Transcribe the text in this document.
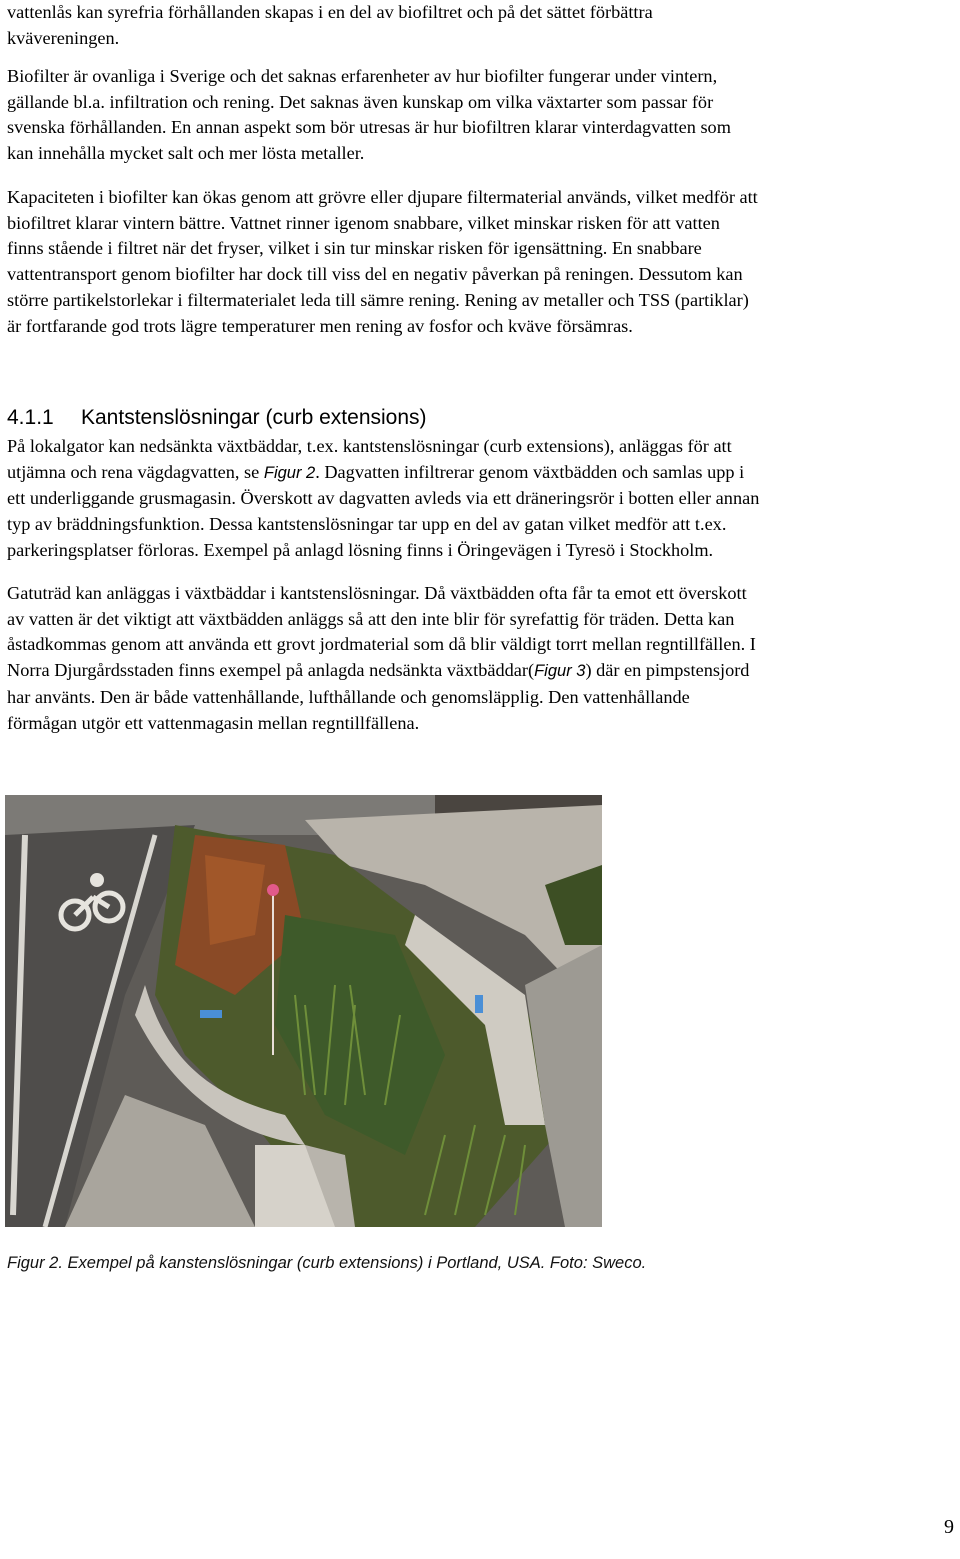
vattenlås kan syrefria förhållanden skapas i en del av biofiltret och på det sättet förbättra
kvävereningen.

Biofilter är ovanliga i Sverige och det saknas erfarenheter av hur biofilter fungerar under vintern,
gällande bl.a. infiltration och rening. Det saknas även kunskap om vilka växtarter som passar för
svenska förhållanden. En annan aspekt som bör utresas är hur biofiltren klarar vinterdagvatten som
kan innehålla mycket salt och mer lösta metaller.

Kapaciteten i biofilter kan ökas genom att grövre eller djupare filtermaterial används, vilket medför att
biofiltret klarar vintern bättre. Vattnet rinner igenom snabbare, vilket minskar risken för att vatten
finns stående i filtret när det fryser, vilket i sin tur minskar risken för igensättning. En snabbare
vattentransport genom biofilter har dock till viss del en negativ påverkan på reningen. Dessutom kan
större partikelstorlekar i filtermaterialet leda till sämre rening. Rening av metaller och TSS (partiklar)
är fortfarande god trots lägre temperaturer men rening av fosfor och kväve försämras.

4.1.1 Kantstenslösningar (curb extensions)

På lokalgator kan nedsänkta växtbäddar, t.ex. kantstenslösningar (curb extensions), anläggas för att
utjämna och rena vägdagvatten, se Figur 2. Dagvatten infiltrerar genom växtbädden och samlas upp i
ett underliggande grusmagasin. Överskott av dagvatten avleds via ett dräneringsrör i botten eller annan
typ av bräddningsfunktion. Dessa kantstenslösningar tar upp en del av gatan vilket medför att t.ex.
parkeringsplatser förloras. Exempel på anlagd lösning finns i Öringevägen i Tyresö i Stockholm.

Gatuträd kan anläggas i växtbäddar i kantstenslösningar. Då växtbädden ofta får ta emot ett överskott
av vatten är det viktigt att växtbädden anläggs så att den inte blir för syrefattig för träden. Detta kan
åstadkommas genom att använda ett grovt jordmaterial som då blir väldigt torrt mellan regntillfällen. I
Norra Djurgårdsstaden finns exempel på anlagda nedsänkta växtbäddar(Figur 3) där en pimpstensjord
har använts. Den är både vattenhållande, lufthållande och genomsläpplig. Den vattenhållande
förmågan utgör ett vattenmagasin mellan regntillfällena.

Figur 2. Exempel på kanstenslösningar (curb extensions) i Portland, USA. Foto: Sweco.
9
